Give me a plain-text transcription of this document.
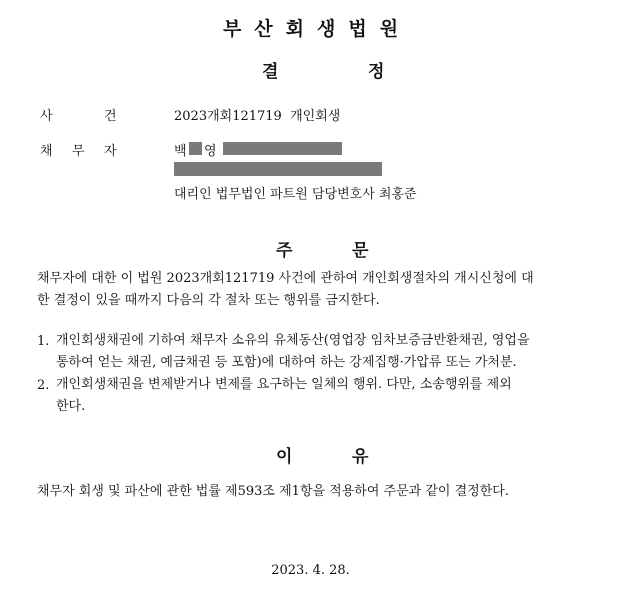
부산회생법원
결	정
사	건	2023개회121719  개인회생
채 무 자	백 영
대리인 법무법인 파트원 담당변호사 최홍준
주	문
채무자에 대한 이 법원 2023개회121719 사건에 관하여 개인회생절차의 개시신청에 대
한 결정이 있을 때까지 다음의 각 절차 또는 행위를 금지한다.
1. 개인회생채권에 기하여 채무자 소유의 유체동산(영업장 임차보증금반환채권, 영업을
통하여 얻는 채권, 예금채권 등 포함)에 대하여 하는 강제집행·가압류 또는 가처분.
2. 개인회생채권을 변제받거나 변제를 요구하는 일체의 행위. 다만, 소송행위를 제외
한다.
이	유
채무자 회생 및 파산에 관한 법률 제593조 제1항을 적용하여 주문과 같이 결정한다.
2023. 4. 28.
